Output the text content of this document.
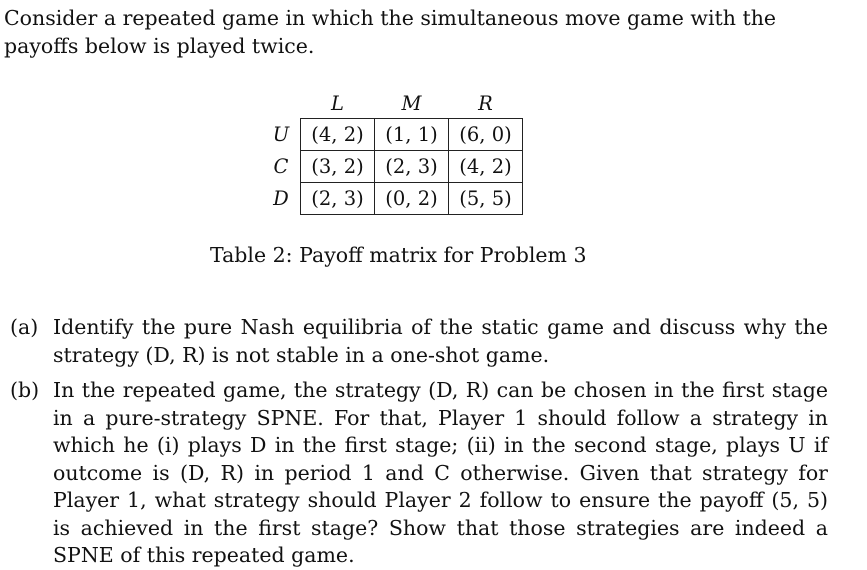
Consider a repeated game in which the simultaneous move game with the payoffs below is played twice.
	L	M	R
U	(4, 2)	(1, 1)	(6, 0)
C	(3, 2)	(2, 3)	(4, 2)
D	(2, 3)	(0, 2)	(5, 5)
Table 2: Payoff matrix for Problem 3
(a) Identify the pure Nash equilibria of the static game and discuss why the strategy (D, R) is not stable in a one-shot game.
(b) In the repeated game, the strategy (D, R) can be chosen in the first stage in a pure-strategy SPNE. For that, Player 1 should follow a strategy in which he (i) plays D in the first stage; (ii) in the second stage, plays U if outcome is (D, R) in period 1 and C otherwise. Given that strategy for Player 1, what strategy should Player 2 follow to ensure the payoff (5, 5) is achieved in the first stage? Show that those strategies are indeed a SPNE of this repeated game.
